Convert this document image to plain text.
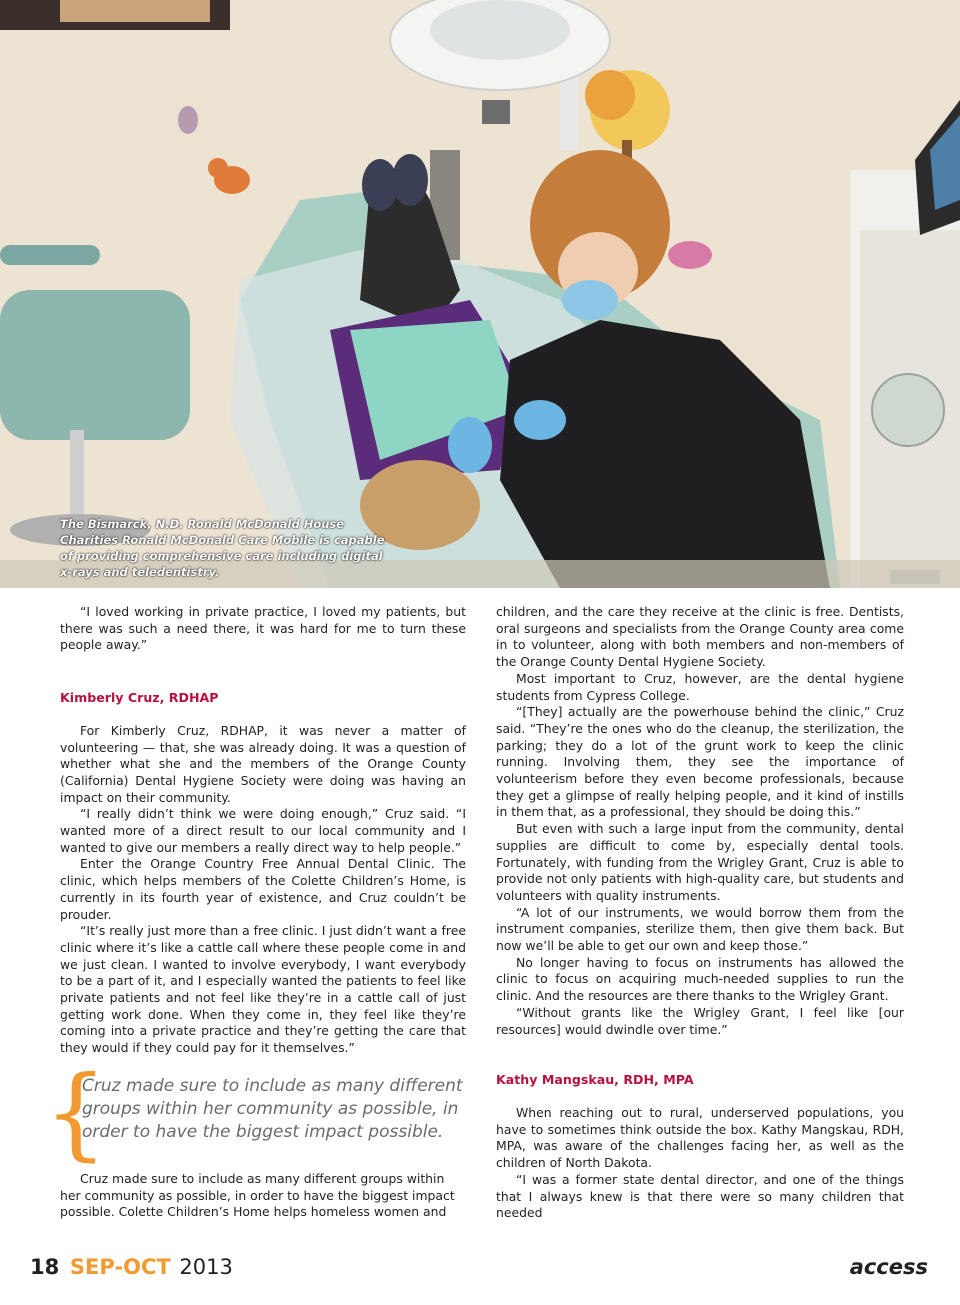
The Bismarck, N.D. Ronald McDonald House Charities Ronald McDonald Care Mobile is capable of providing comprehensive care including digital x-rays and teledentistry.

“I loved working in private practice, I loved my patients, but there was such a need there, it was hard for me to turn these people away.”

Kimberly Cruz, RDHAP

For Kimberly Cruz, RDHAP, it was never a matter of volunteering — that, she was already doing. It was a question of whether what she and the members of the Orange County (California) Dental Hygiene Society were doing was having an impact on their community.

“I really didn’t think we were doing enough,” Cruz said. “I wanted more of a direct result to our local community and I wanted to give our members a really direct way to help people.”

Enter the Orange Country Free Annual Dental Clinic. The clinic, which helps members of the Colette Children’s Home, is currently in its fourth year of existence, and Cruz couldn’t be prouder.

“It’s really just more than a free clinic. I just didn’t want a free clinic where it’s like a cattle call where these people come in and we just clean. I wanted to involve everybody, I want everybody to be a part of it, and I especially wanted the patients to feel like private patients and not feel like they’re in a cattle call of just getting work done. When they come in, they feel like they’re coming into a private practice and they’re getting the care that they would if they could pay for it themselves.”

{
Cruz made sure to include as many different groups within her community as possible, in order to have the biggest impact possible.

Cruz made sure to include as many different groups within her community as possible, in order to have the biggest impact possible. Colette Children’s Home helps homeless women and

children, and the care they receive at the clinic is free. Dentists, oral surgeons and specialists from the Orange County area come in to volunteer, along with both members and non-members of the Orange County Dental Hygiene Society.

Most important to Cruz, however, are the dental hygiene students from Cypress College.

“[They] actually are the powerhouse behind the clinic,” Cruz said. “They’re the ones who do the cleanup, the sterilization, the parking; they do a lot of the grunt work to keep the clinic running. Involving them, they see the importance of volunteerism before they even become professionals, because they get a glimpse of really helping people, and it kind of instills in them that, as a professional, they should be doing this.”

But even with such a large input from the community, dental supplies are difficult to come by, especially dental tools. Fortunately, with funding from the Wrigley Grant, Cruz is able to provide not only patients with high-quality care, but students and volunteers with quality instruments.

“A lot of our instruments, we would borrow them from the instrument companies, sterilize them, then give them back. But now we’ll be able to get our own and keep those.”

No longer having to focus on instruments has allowed the clinic to focus on acquiring much-needed supplies to run the clinic. And the resources are there thanks to the Wrigley Grant.

“Without grants like the Wrigley Grant, I feel like [our resources] would dwindle over time.”

Kathy Mangskau, RDH, MPA

When reaching out to rural, underserved populations, you have to sometimes think outside the box. Kathy Mangskau, RDH, MPA, was aware of the challenges facing her, as well as the children of North Dakota.

“I was a former state dental director, and one of the things that I always knew is that there were so many children that needed

18 SEP-OCT 2013	access
